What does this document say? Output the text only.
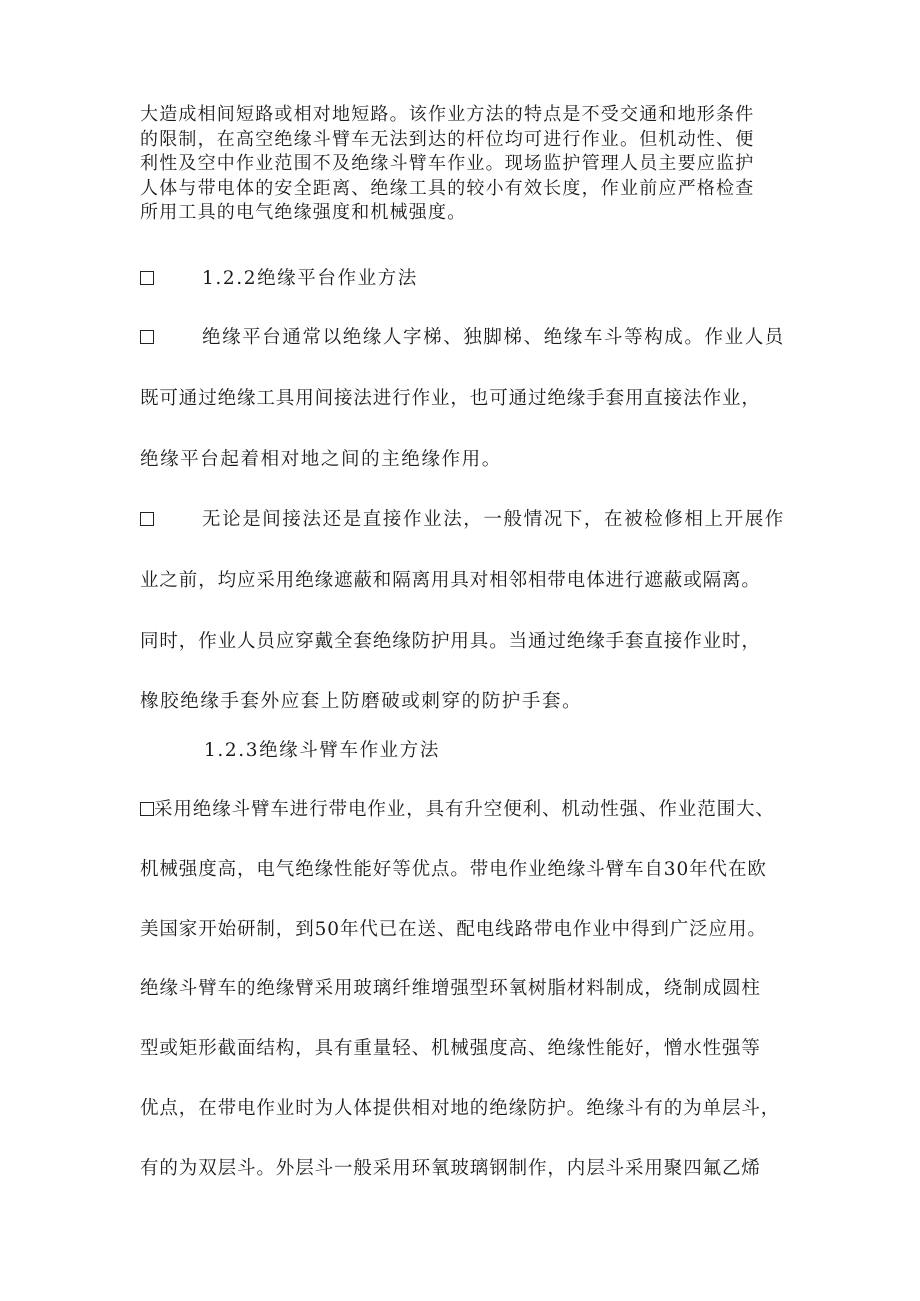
大造成相间短路或相对地短路。该作业方法的特点是不受交通和地形条件
的限制，在高空绝缘斗臂车无法到达的杆位均可进行作业。但机动性、便
利性及空中作业范围不及绝缘斗臂车作业。现场监护管理人员主要应监护
人体与带电体的安全距离、绝缘工具的较小有效长度，作业前应严格检查
所用工具的电气绝缘强度和机械强度。
1.2.2绝缘平台作业方法
绝缘平台通常以绝缘人字梯、独脚梯、绝缘车斗等构成。作业人员
既可通过绝缘工具用间接法进行作业，也可通过绝缘手套用直接法作业，
绝缘平台起着相对地之间的主绝缘作用。
无论是间接法还是直接作业法，一般情况下，在被检修相上开展作
业之前，均应采用绝缘遮蔽和隔离用具对相邻相带电体进行遮蔽或隔离。
同时，作业人员应穿戴全套绝缘防护用具。当通过绝缘手套直接作业时，
橡胶绝缘手套外应套上防磨破或刺穿的防护手套。
1.2.3绝缘斗臂车作业方法
采用绝缘斗臂车进行带电作业，具有升空便利、机动性强、作业范围大、
机械强度高，电气绝缘性能好等优点。带电作业绝缘斗臂车自30年代在欧
美国家开始研制，到50年代已在送、配电线路带电作业中得到广泛应用。
绝缘斗臂车的绝缘臂采用玻璃纤维增强型环氧树脂材料制成，绕制成圆柱
型或矩形截面结构，具有重量轻、机械强度高、绝缘性能好，憎水性强等
优点，在带电作业时为人体提供相对地的绝缘防护。绝缘斗有的为单层斗，
有的为双层斗。外层斗一般采用环氧玻璃钢制作，内层斗采用聚四氟乙烯
